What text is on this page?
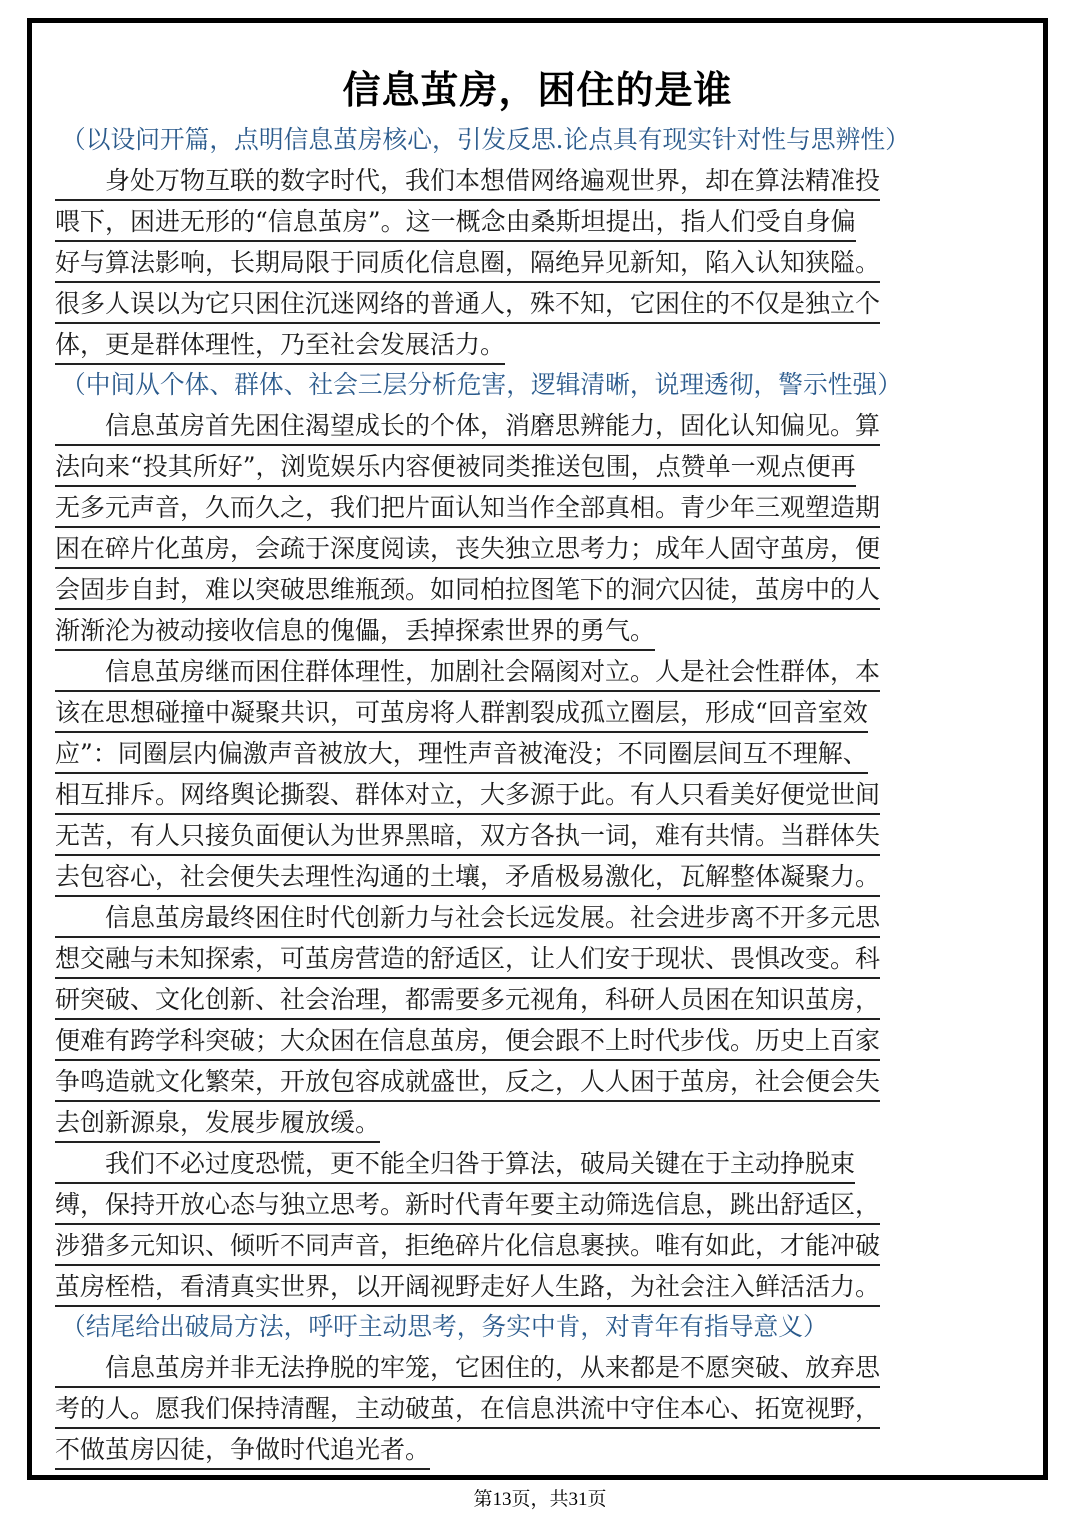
信息茧房，困住的是谁
（以设问开篇，点明信息茧房核心，引发反思.论点具有现实针对性与思辨性）
　　身处万物互联的数字时代，我们本想借网络遍观世界，却在算法精准投
喂下，困进无形的“信息茧房”。这一概念由桑斯坦提出，指人们受自身偏
好与算法影响，长期局限于同质化信息圈，隔绝异见新知，陷入认知狭隘。
很多人误以为它只困住沉迷网络的普通人，殊不知，它困住的不仅是独立个
体，更是群体理性，乃至社会发展活力。
（中间从个体、群体、社会三层分析危害，逻辑清晰，说理透彻，警示性强）
　　信息茧房首先困住渴望成长的个体，消磨思辨能力，固化认知偏见。算
法向来“投其所好”，浏览娱乐内容便被同类推送包围，点赞单一观点便再
无多元声音，久而久之，我们把片面认知当作全部真相。青少年三观塑造期
困在碎片化茧房，会疏于深度阅读，丧失独立思考力；成年人固守茧房，便
会固步自封，难以突破思维瓶颈。如同柏拉图笔下的洞穴囚徒，茧房中的人
渐渐沦为被动接收信息的傀儡，丢掉探索世界的勇气。
　　信息茧房继而困住群体理性，加剧社会隔阂对立。人是社会性群体，本
该在思想碰撞中凝聚共识，可茧房将人群割裂成孤立圈层，形成“回音室效
应”：同圈层内偏激声音被放大，理性声音被淹没；不同圈层间互不理解、
相互排斥。网络舆论撕裂、群体对立，大多源于此。有人只看美好便觉世间
无苦，有人只接负面便认为世界黑暗，双方各执一词，难有共情。当群体失
去包容心，社会便失去理性沟通的土壤，矛盾极易激化，瓦解整体凝聚力。
　　信息茧房最终困住时代创新力与社会长远发展。社会进步离不开多元思
想交融与未知探索，可茧房营造的舒适区，让人们安于现状、畏惧改变。科
研突破、文化创新、社会治理，都需要多元视角，科研人员困在知识茧房，
便难有跨学科突破；大众困在信息茧房，便会跟不上时代步伐。历史上百家
争鸣造就文化繁荣，开放包容成就盛世，反之，人人困于茧房，社会便会失
去创新源泉，发展步履放缓。
　　我们不必过度恐慌，更不能全归咎于算法，破局关键在于主动挣脱束
缚，保持开放心态与独立思考。新时代青年要主动筛选信息，跳出舒适区，
涉猎多元知识、倾听不同声音，拒绝碎片化信息裹挟。唯有如此，才能冲破
茧房桎梏，看清真实世界，以开阔视野走好人生路，为社会注入鲜活活力。
（结尾给出破局方法，呼吁主动思考，务实中肯，对青年有指导意义）
　　信息茧房并非无法挣脱的牢笼，它困住的，从来都是不愿突破、放弃思
考的人。愿我们保持清醒，主动破茧，在信息洪流中守住本心、拓宽视野，
不做茧房囚徒，争做时代追光者。
第13页，共31页
